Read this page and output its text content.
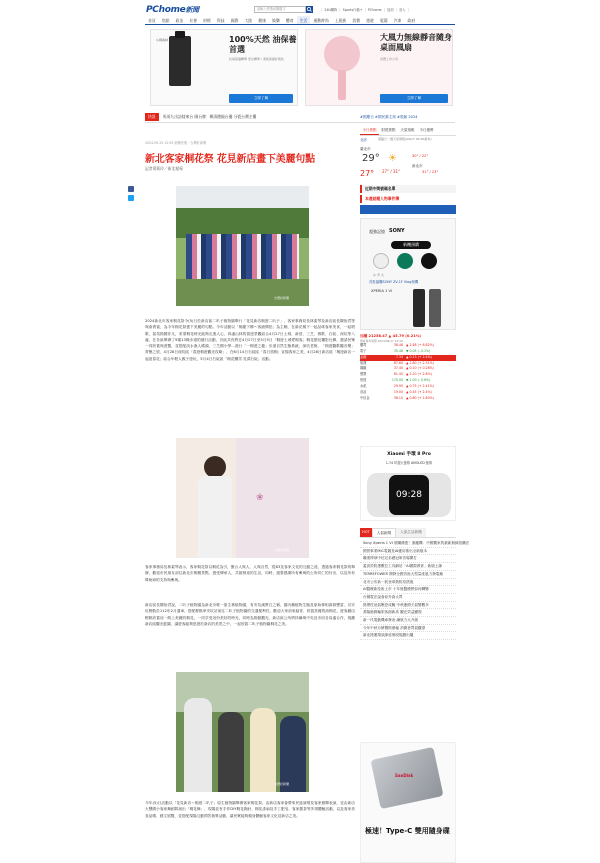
PChome新聞	請輸入想搜尋關鍵字	｜ 24h購物 ｜ Sports行動+ ｜ PChome ｜ 加到 ｜ 登入 ｜
首頁	焦點	政治	社會	財經	科技	國際	大陸	健康	娛樂	體育	生活	運動時尚	上班族	消費	旅遊	電競	汽車	政府
小樹森林	100%天然 油保養首選
抗氧保養精華 原生精華 / 清爽保濕好吸收
立即了解
大風力無線靜音隨身桌面風扇
台灣上市公司
立即了解
快訊 馬英九出訪陸來台 國台辦：賴清德搞台獨 分裂台灣主權	#國慶日 #國民黨主席 #股匯 2024
2024.09.25 12:59 新聞快報 · 台灣好新聞
新北客家桐花祭 花見新店畫下美麗句點
記者黃莉玲／新北報導
台灣好新聞
2024新北市客家桐花祭今(5)日於新店區二叭子植物園舉行「花見新店桐遊二叭子」，客家事務局長林素琴及新店區長陳怡君等與會貴賓，為今年桐花祭畫下美麗的句點。今年活動以「桐趣下鄉～客繪開拍」為主軸，在新花桐下一起品味客家美食，一起唱歌，氣氛熱鬧非凡，希望桐花時光能夠走進人心，四處山林的賞遊景觀結合4月27日土城、新莊、三芝、鶯歌、石碇、深坑等八處，在各區舉辦了9場13條步道的健行活動，各區共有將近4月27日至5月5日「桐遊土城愛桐客」桐花節及攝影比賽，邀請民眾一同欣賞與遊覽，並搭配淡水漁人碼頭、三芝國小學…進行「一桐遊之趣」步道自然生態系統，深坑老街，「桐遊聽歌聽音樂」齊聚之旅，4月28日深坑區「春遊桐遊觀光攻略」，在6月14日石碇區「春日旅桐」宣揚客家之美，4月28日新店區「桐遊新店一起迎春花」結合年輕人親子遊玩，5月4日石碇區「桐花飄雪 花漾石碇」活動。
❀
台灣好新聞
客家事務局長林素琴表示，客家桐花祭以桐花為引，聚合人與人、人與自然，從83及客家文化的互動之道，透過客家桐花祭的舉辦，歡迎市民朋友前往新北市桐樹景點，感受傳承人，共創餐桌的生活，同時，還要感謝所有參與的公所同仁的付出，以及所有贊助商的支持與參與。
新店區長陳怡君說，二叭子植物園為新北市唯一原生林植物園，有安坑溪貫石之稱，園內種植物生態及原始林相資源豐富，另安坑輕軌於112年2月通車，搭配輕軌串安坑站前往二叭子植物園的交通便利性，歡迎大家前來踏青、欣賞美麗的油桐花，遊客藉由輕軌欣賞這一路上美麗的桐花，一同享受這份美好的時光，同時為推動觀光，新店區公所將持續與中央及市府各局處合作，規劃新店區觀光藍圖，讓遊客能夠悠遊於新店的美景之中，一起欣賞二叭子植物園桐花之美。
台灣好新聞
今年(5)日活動以「花見新店～桐遊二叭子」原生植物園舉辦客家桐花祭，由新店客家會帶來民謠演唱及客家藝陣表演，並由新店大豐國小客家舞蹈隊演出「桐花舞」，現場並有手作DIY桐花胸針、桐花漆扇及手工肥皂、客家擂茶等多項體驗活動，以及客家美食品嚐、藝文展覽，並搭配現場互動問答抽獎活動，讓民眾能夠親身體驗客家文化及新店之美。
今日焦點	財經焦點	天氣預報	今日運勢
北部	電腦日一週天氣預報(09/17 05:00發布)
臺北市
29° ☀	30° / 22°
27° 27° / 31°
新北市
31° / 23°
近期中獎號碼名單
本週話題人物事件簿
超強記憶 SONY
新機預購
小 升 大
首批搶購SONY ZV-1F Vlog相機
XPERIA 1 VI
加權 21258.47 ▲ 45.79 (0.21%)
即時資料時間 2024/09/17 14:30
櫃買	38.46 ▲ 2.48 (+ 6.82%)
電子	35.48 ▼ 0.05 (- 0.1%)
金融	7.33 ▲ 0.13 (+ 2.4%)
航運	87.80 ▲ 1.80 (+ 2.31%)
鋼鐵	37.40 ▲ 0.10 (+ 0.28%)
塑膠	81.40 ▲ 2.20 (+ 2.8%)
營建	170.00 ▼ 1.00 (- 0.6%)
水泥	29.95 ▲ 0.75 (+ 2.41%)
食品	19.00 ▲ 0.45 (+ 2.4%)
中信金	38.10 ▲ 0.60 (+ 1.60%)
Xiaomi 手環 8 Pro
1.74 吋超大螢幕 AMOLED 螢幕
09:28
HOT	人氣新聞	人氣生活新聞
Sony Xperia 1 VI 預購優惠！旗艦機：中國獨家的最新無線拍攝法
國營事業MIC電競及AI應用推出全新版本
職業棒球中信兄弟總冠軍首場開打
蓋高效防護數位工具網站「AI國際教育」新版上線
TERREFOWER 開發全國首座大型量產風力發電廠
北市公布新一波登革熱防疫措施
AI醫療新技術上市 十年後醫療將如何轉變
台積電法說會前外資大買
熱帶性低氣壓恐成颱 中秋連假天氣變數多
基隆港郵輪旅客創新高 觀光效益顯現
新一代電動機車發表 續航力大升級
今年中秋月餅價格漲幅 消費者買氣觀望
新北捷運環狀線延伸段規劃出爐
SanDisk
極速！Type-C 雙用隨身碟
